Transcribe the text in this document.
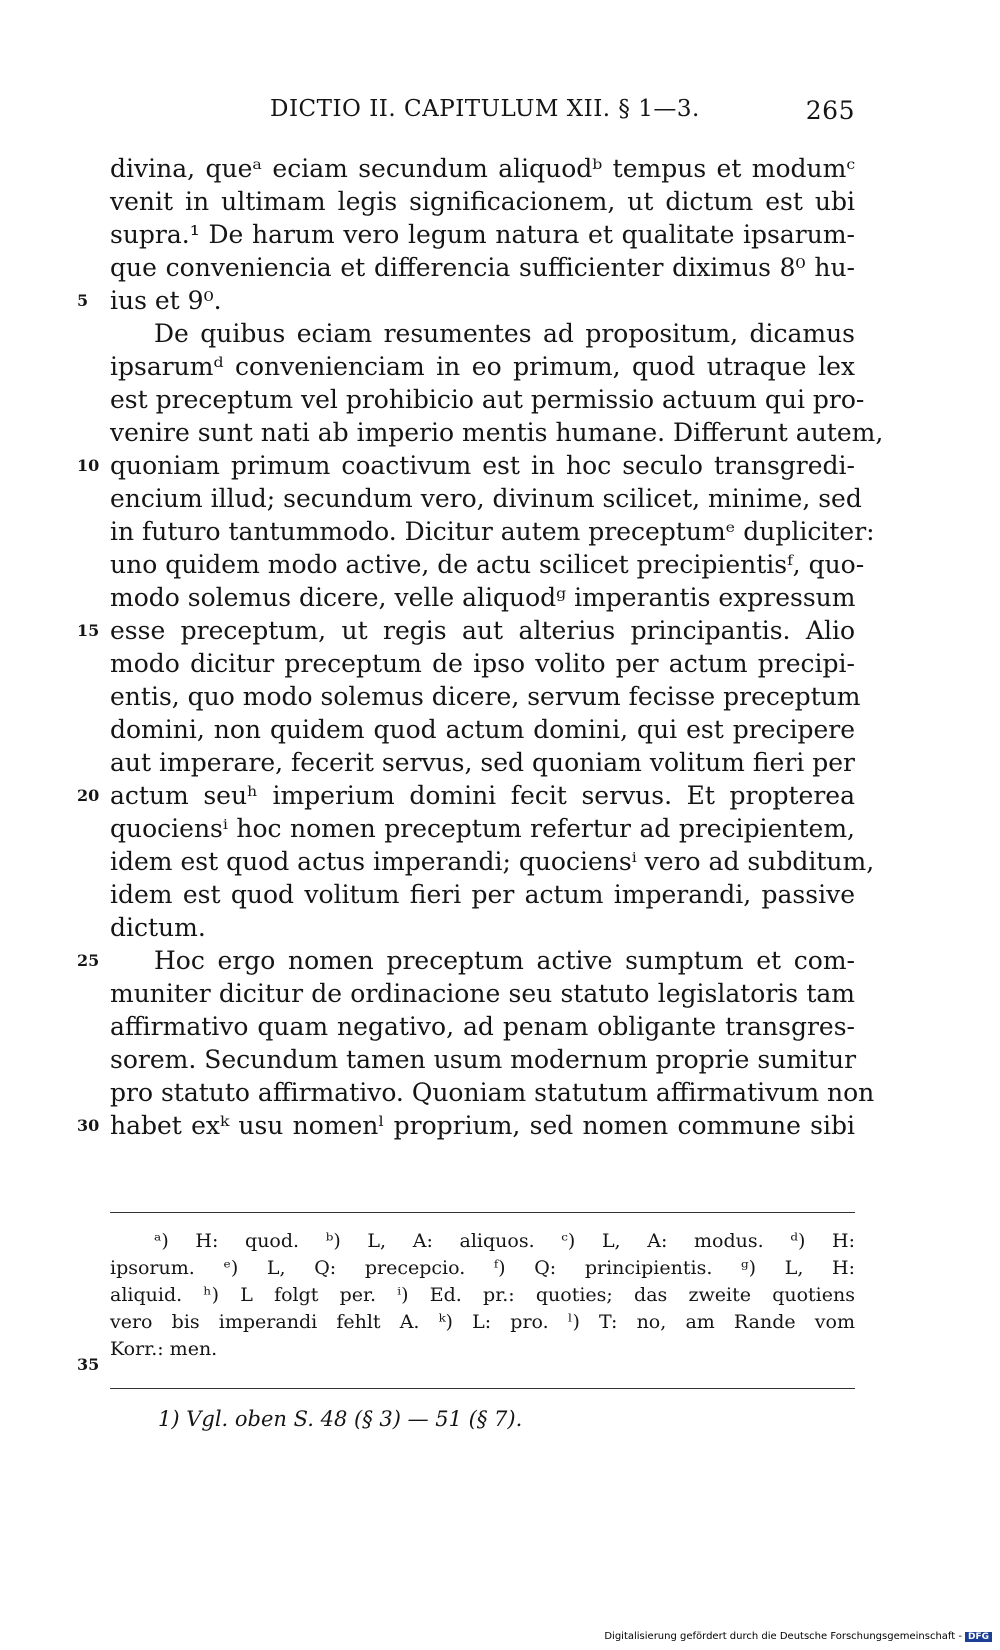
DICTIO II. CAPITULUM XII. § 1—3.	265
divina, queᵃ eciam secundum aliquodᵇ tempus et modumᶜ
venit in ultimam legis significacionem, ut dictum est ubi
supra.¹ De harum vero legum natura et qualitate ipsarum-
que conveniencia et differencia sufficienter diximus 8⁰ hu-
ius et 9⁰.
De quibus eciam resumentes ad propositum, dicamus
ipsarumᵈ convenienciam in eo primum, quod utraque lex
est preceptum vel prohibicio aut permissio actuum qui pro-
venire sunt nati ab imperio mentis humane. Differunt autem,
quoniam primum coactivum est in hoc seculo transgredi-
encium illud; secundum vero, divinum scilicet, minime, sed
in futuro tantummodo. Dicitur autem preceptumᵉ dupliciter:
uno quidem modo active, de actu scilicet precipientisᶠ, quo-
modo solemus dicere, velle aliquodᵍ imperantis expressum
esse preceptum, ut regis aut alterius principantis. Alio
modo dicitur preceptum de ipso volito per actum precipi-
entis, quo modo solemus dicere, servum fecisse preceptum
domini, non quidem quod actum domini, qui est precipere
aut imperare, fecerit servus, sed quoniam volitum fieri per
actum seuʰ imperium domini fecit servus. Et propterea
quociensⁱ hoc nomen preceptum refertur ad precipientem,
idem est quod actus imperandi; quociensⁱ vero ad subditum,
idem est quod volitum fieri per actum imperandi, passive
dictum.
Hoc ergo nomen preceptum active sumptum et com-
muniter dicitur de ordinacione seu statuto legislatoris tam
affirmativo quam negativo, ad penam obligante transgres-
sorem. Secundum tamen usum modernum proprie sumitur
pro statuto affirmativo. Quoniam statutum affirmativum non
habet exᵏ usu nomenˡ proprium, sed nomen commune sibi
5
10
15
20
25
30
ᵃ) H: quod. ᵇ) L, A: aliquos. ᶜ) L, A: modus. ᵈ) H:
ipsorum. ᵉ) L, Q: precepcio. ᶠ) Q: principientis. ᵍ) L, H:
aliquid. ʰ) L folgt per. ⁱ) Ed. pr.: quoties; das zweite quotiens
vero bis imperandi fehlt A. ᵏ) L: pro. ˡ) T: no, am Rande vom
Korr.: men.
35
1) Vgl. oben S. 48 (§ 3) — 51 (§ 7).
Digitalisierung gefördert durch die Deutsche Forschungsgemeinschaft - DFG
